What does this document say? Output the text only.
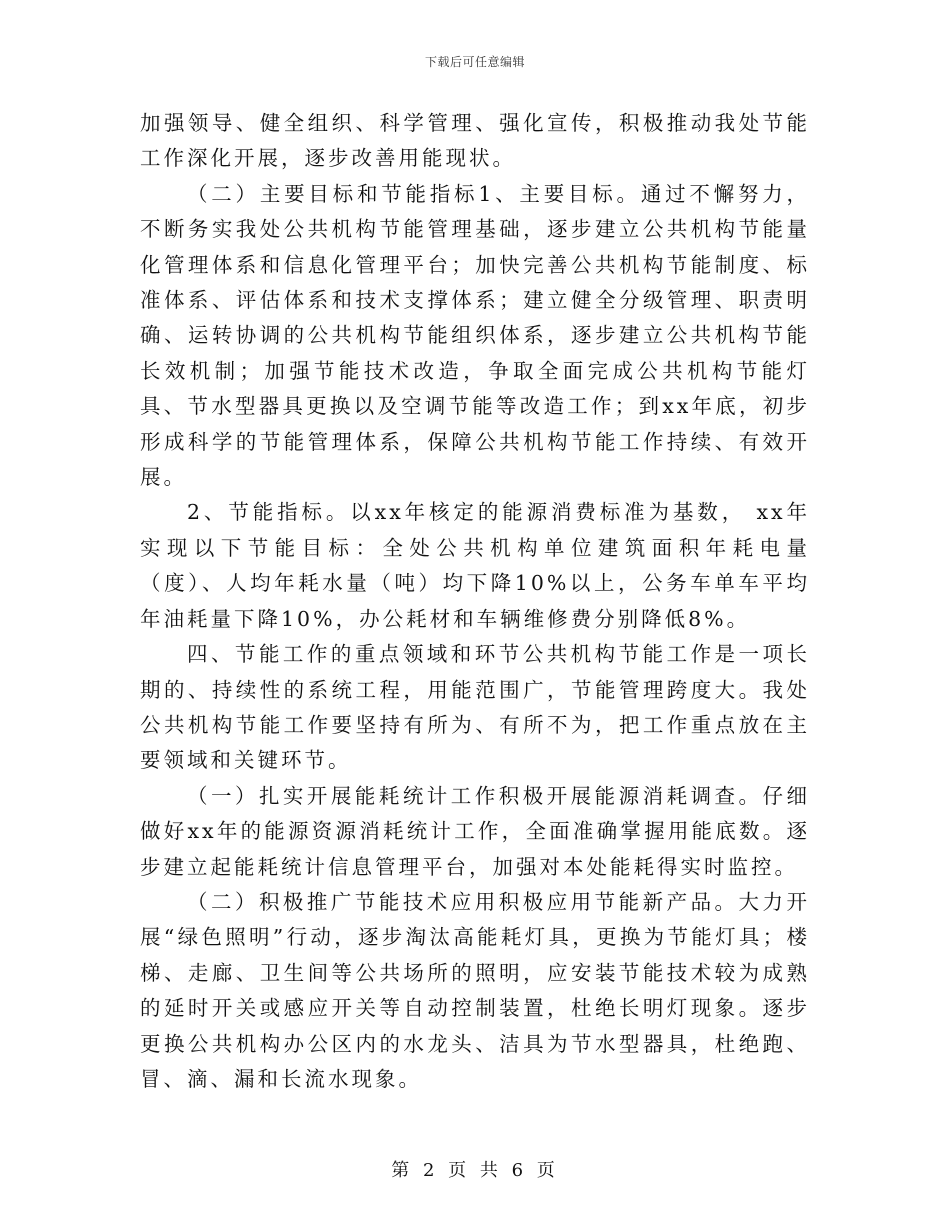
下载后可任意编辑

加强领导、健全组织、科学管理、强化宣传，积极推动我处节能工作深化开展，逐步改善用能现状。

（二）主要目标和节能指标1、主要目标。通过不懈努力，不断务实我处公共机构节能管理基础，逐步建立公共机构节能量化管理体系和信息化管理平台；加快完善公共机构节能制度、标准体系、评估体系和技术支撑体系；建立健全分级管理、职责明确、运转协调的公共机构节能组织体系，逐步建立公共机构节能长效机制；加强节能技术改造，争取全面完成公共机构节能灯具、节水型器具更换以及空调节能等改造工作；到xx年底，初步形成科学的节能管理体系，保障公共机构节能工作持续、有效开展。

2、节能指标。以xx年核定的能源消费标准为基数， xx年实现以下节能目标：全处公共机构单位建筑面积年耗电量（度）、人均年耗水量（吨）均下降10%以上，公务车单车平均年油耗量下降10%，办公耗材和车辆维修费分别降低8%。

四、节能工作的重点领域和环节公共机构节能工作是一项长期的、持续性的系统工程，用能范围广，节能管理跨度大。我处公共机构节能工作要坚持有所为、有所不为，把工作重点放在主要领域和关键环节。

（一）扎实开展能耗统计工作积极开展能源消耗调查。仔细做好xx年的能源资源消耗统计工作，全面准确掌握用能底数。逐步建立起能耗统计信息管理平台，加强对本处能耗得实时监控。

（二）积极推广节能技术应用积极应用节能新产品。大力开展“绿色照明”行动，逐步淘汰高能耗灯具，更换为节能灯具；楼梯、走廊、卫生间等公共场所的照明，应安装节能技术较为成熟的延时开关或感应开关等自动控制装置，杜绝长明灯现象。逐步更换公共机构办公区内的水龙头、洁具为节水型器具，杜绝跑、冒、滴、漏和长流水现象。

第 2 页 共 6 页
